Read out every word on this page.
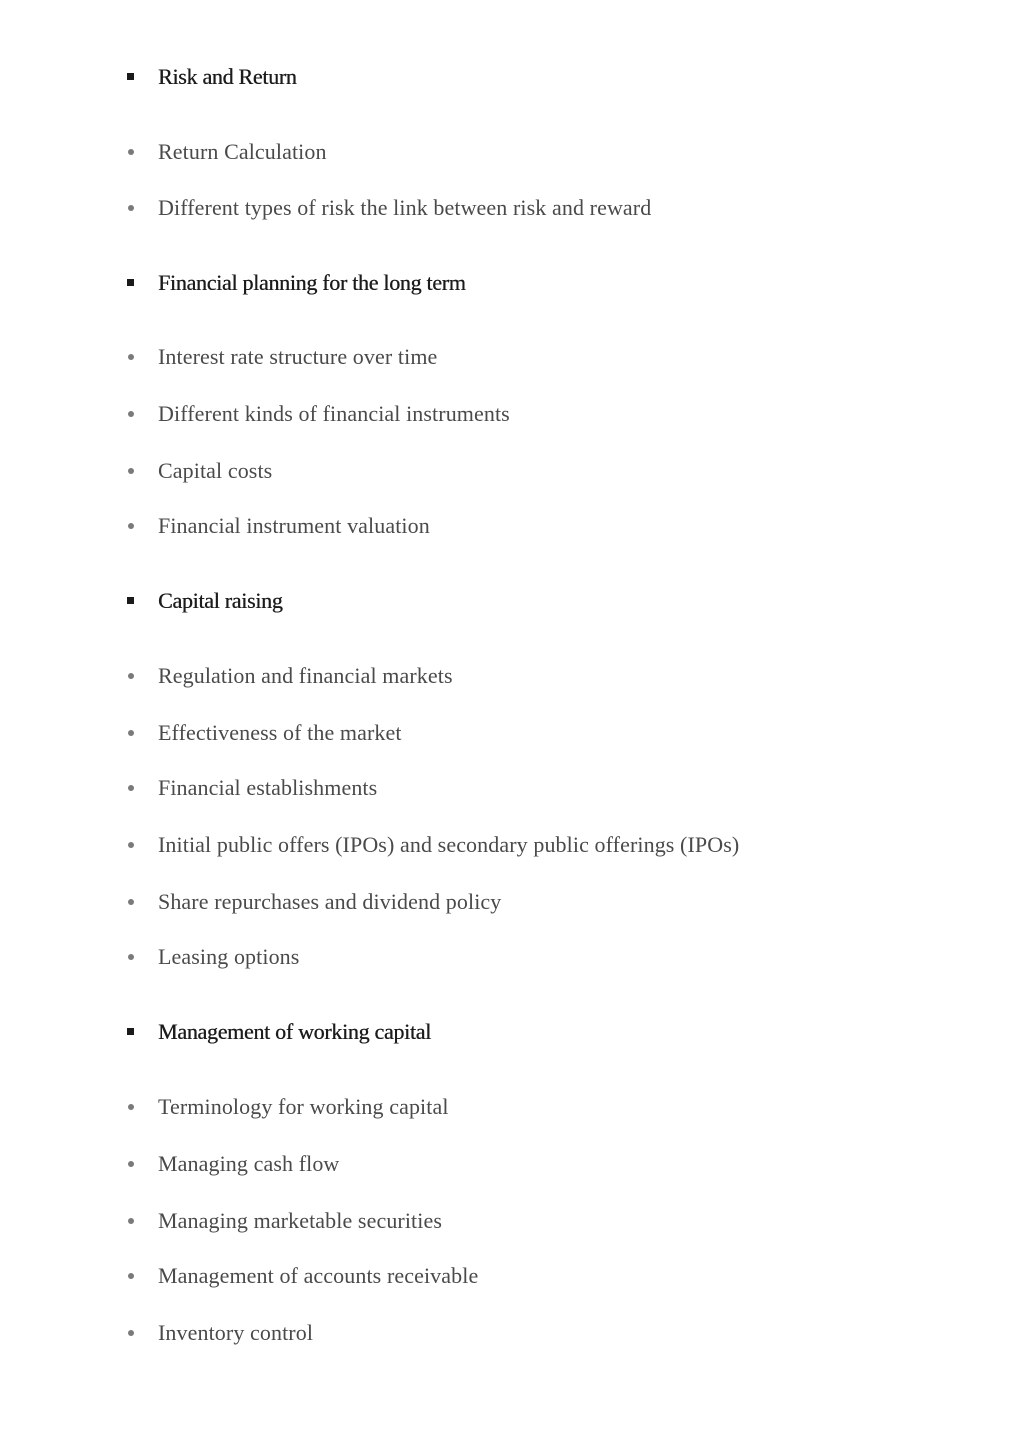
Risk and Return
Return Calculation
Different types of risk the link between risk and reward
Financial planning for the long term
Interest rate structure over time
Different kinds of financial instruments
Capital costs
Financial instrument valuation
Capital raising
Regulation and financial markets
Effectiveness of the market
Financial establishments
Initial public offers (IPOs) and secondary public offerings (IPOs)
Share repurchases and dividend policy
Leasing options
Management of working capital
Terminology for working capital
Managing cash flow
Managing marketable securities
Management of accounts receivable
Inventory control
